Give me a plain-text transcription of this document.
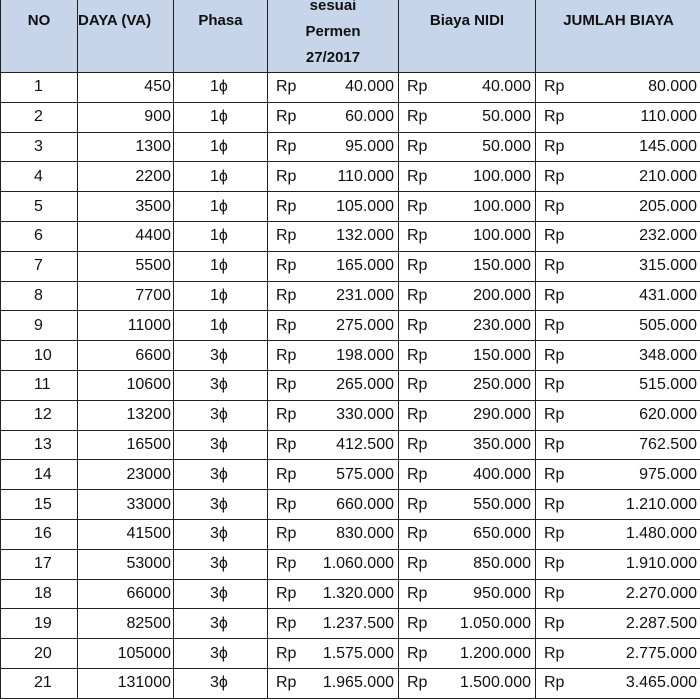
NO	DAYA (VA)	Phasa	sesuai
Permen
27/2017	Biaya NIDI	JUMLAH BIAYA
1	450	1ϕ	Rp 40.000	Rp 40.000	Rp 80.000

2	900	1ϕ	Rp 60.000	Rp 50.000	Rp 110.000

3	1300	1ϕ	Rp 95.000	Rp 50.000	Rp 145.000

4	2200	1ϕ	Rp 110.000	Rp 100.000	Rp 210.000

5	3500	1ϕ	Rp 105.000	Rp 100.000	Rp 205.000

6	4400	1ϕ	Rp 132.000	Rp 100.000	Rp 232.000

7	5500	1ϕ	Rp 165.000	Rp 150.000	Rp 315.000

8	7700	1ϕ	Rp 231.000	Rp 200.000	Rp 431.000

9	11000	1ϕ	Rp 275.000	Rp 230.000	Rp 505.000

10	6600	3ϕ	Rp 198.000	Rp 150.000	Rp 348.000

11	10600	3ϕ	Rp 265.000	Rp 250.000	Rp 515.000

12	13200	3ϕ	Rp 330.000	Rp 290.000	Rp 620.000

13	16500	3ϕ	Rp 412.500	Rp 350.000	Rp 762.500

14	23000	3ϕ	Rp 575.000	Rp 400.000	Rp 975.000

15	33000	3ϕ	Rp 660.000	Rp 550.000	Rp 1.210.000

16	41500	3ϕ	Rp 830.000	Rp 650.000	Rp 1.480.000

17	53000	3ϕ	Rp 1.060.000	Rp 850.000	Rp 1.910.000

18	66000	3ϕ	Rp 1.320.000	Rp 950.000	Rp 2.270.000

19	82500	3ϕ	Rp 1.237.500	Rp 1.050.000	Rp 2.287.500

20	105000	3ϕ	Rp 1.575.000	Rp 1.200.000	Rp 2.775.000

21	131000	3ϕ	Rp 1.965.000	Rp 1.500.000	Rp 3.465.000
